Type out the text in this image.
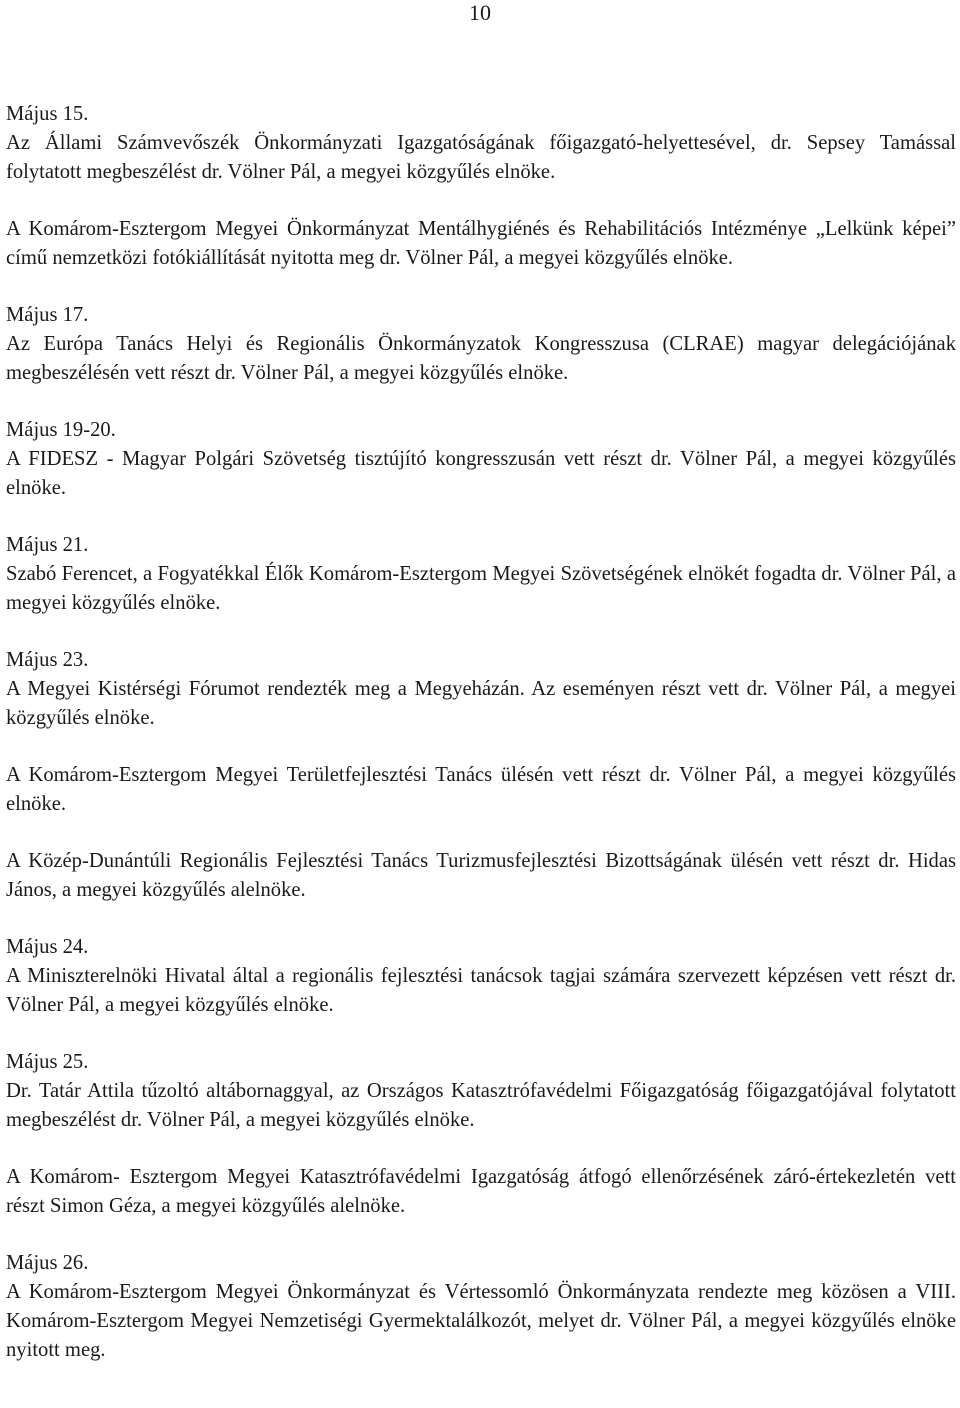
10

Május 15.

Az Állami Számvevőszék Önkormányzati Igazgatóságának főigazgató-helyettesével, dr. Sepsey Tamással folytatott megbeszélést dr. Völner Pál, a megyei közgyűlés elnöke.

A Komárom-Esztergom Megyei Önkormányzat Mentálhygiénés és Rehabilitációs Intézménye „Lelkünk képei” című nemzetközi fotókiállítását nyitotta meg dr. Völner Pál, a megyei közgyűlés elnöke.

Május 17.

Az Európa Tanács Helyi és Regionális Önkormányzatok Kongresszusa (CLRAE) magyar delegációjának megbeszélésén vett részt dr. Völner Pál, a megyei közgyűlés elnöke.

Május 19-20.

A FIDESZ - Magyar Polgári Szövetség tisztújító kongresszusán vett részt dr. Völner Pál, a megyei közgyűlés elnöke.

Május 21.

Szabó Ferencet, a Fogyatékkal Élők Komárom-Esztergom Megyei Szövetségének elnökét fogadta dr. Völner Pál, a megyei közgyűlés elnöke.

Május 23.

A Megyei Kistérségi Fórumot rendezték meg a Megyeházán. Az eseményen részt vett dr. Völner Pál, a megyei közgyűlés elnöke.

A Komárom-Esztergom Megyei Területfejlesztési Tanács ülésén vett részt dr. Völner Pál, a megyei közgyűlés elnöke.

A Közép-Dunántúli Regionális Fejlesztési Tanács Turizmusfejlesztési Bizottságának ülésén vett részt dr. Hidas János, a megyei közgyűlés alelnöke.

Május 24.

A Miniszterelnöki Hivatal által a regionális fejlesztési tanácsok tagjai számára szervezett képzésen vett részt dr. Völner Pál, a megyei közgyűlés elnöke.

Május 25.

Dr. Tatár Attila tűzoltó altábornaggyal, az Országos Katasztrófavédelmi Főigazgatóság főigazgatójával folytatott megbeszélést dr. Völner Pál, a megyei közgyűlés elnöke.

A Komárom- Esztergom Megyei Katasztrófavédelmi Igazgatóság átfogó ellenőrzésének záró-értekezletén vett részt Simon Géza, a megyei közgyűlés alelnöke.

Május 26.

A Komárom-Esztergom Megyei Önkormányzat és Vértessomló Önkormányzata rendezte meg közösen a VIII. Komárom-Esztergom Megyei Nemzetiségi Gyermektalálkozót, melyet dr. Völner Pál, a megyei közgyűlés elnöke nyitott meg.
